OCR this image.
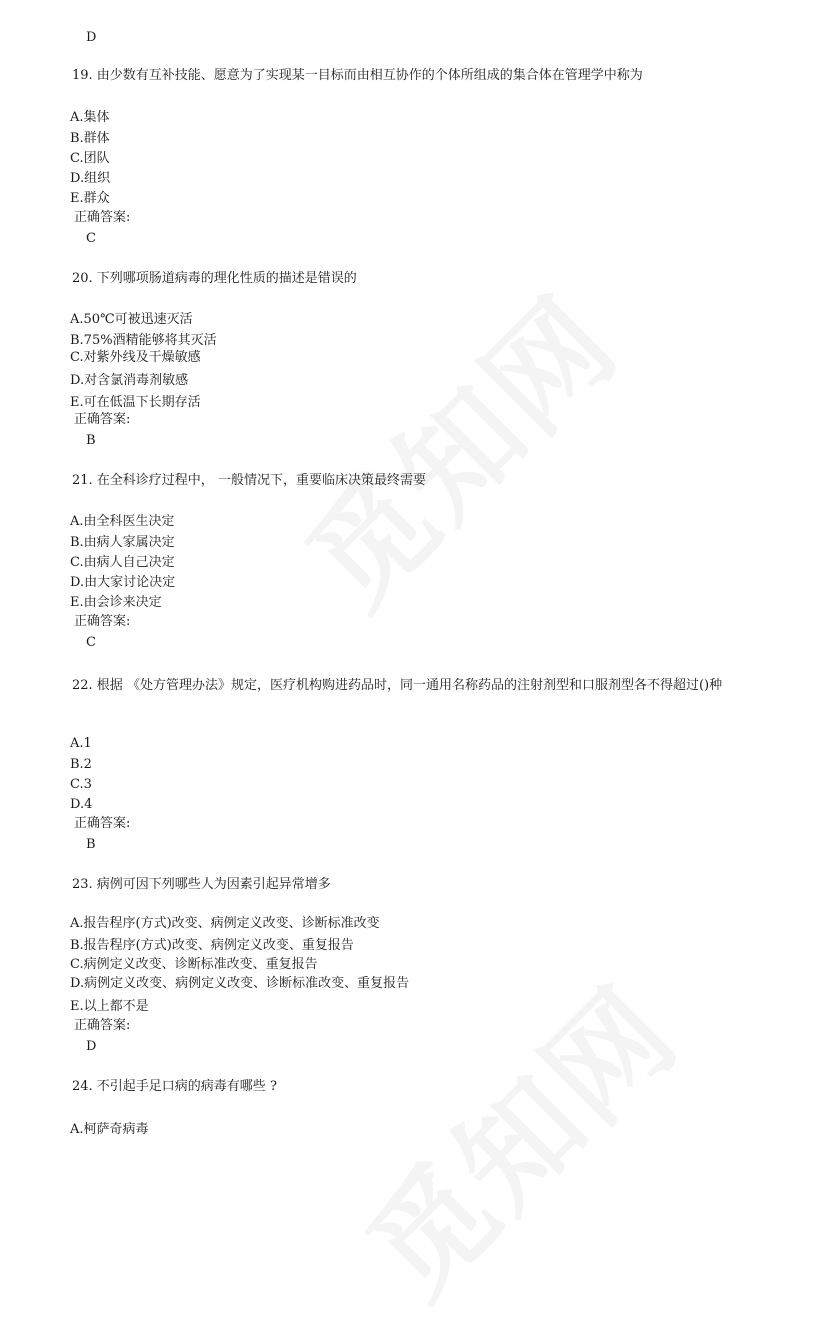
D
19. 由少数有互补技能、愿意为了实现某一目标而由相互协作的个体所组成的集合体在管理学中称为
A.集体
B.群体
C.团队
D.组织
E.群众
正确答案:
C
20. 下列哪项肠道病毒的理化性质的描述是错误的
A.50℃可被迅速灭活
B.75%酒精能够将其灭活
C.对紫外线及干燥敏感
D.对含氯消毒剂敏感
E.可在低温下长期存活
正确答案:
B
21. 在全科诊疗过程中， 一般情况下，重要临床决策最终需要
A.由全科医生决定
B.由病人家属决定
C.由病人自己决定
D.由大家讨论决定
E.由会诊来决定
正确答案:
C
22. 根据 《处方管理办法》规定，医疗机构购进药品时，同一通用名称药品的注射剂型和口服剂型各不得超过()种
A.1
B.2
C.3
D.4
正确答案:
B
23. 病例可因下列哪些人为因素引起异常增多
A.报告程序(方式)改变、病例定义改变、诊断标准改变
B.报告程序(方式)改变、病例定义改变、重复报告
C.病例定义改变、诊断标准改变、重复报告
D.病例定义改变、病例定义改变、诊断标准改变、重复报告
E.以上都不是
正确答案:
D
24. 不引起手足口病的病毒有哪些 ?
A.柯萨奇病毒
